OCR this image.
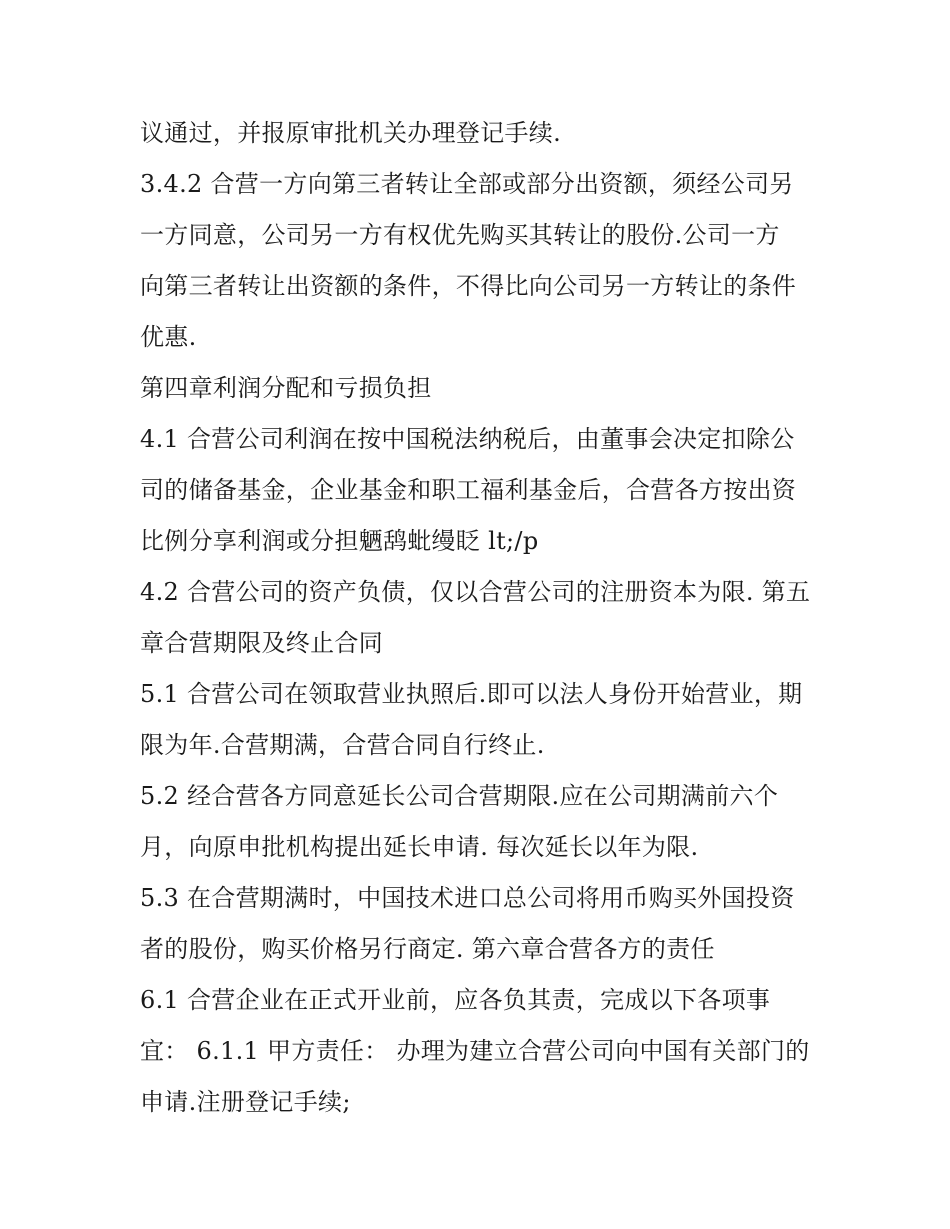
议通过，并报原审批机关办理登记手续.
3.4.2 合营一方向第三者转让全部或部分出资额，须经公司另
一方同意，公司另一方有权优先购买其转让的股份.公司一方
向第三者转让出资额的条件，不得比向公司另一方转让的条件
优惠.
第四章利润分配和亏损负担
4.1 合营公司利润在按中国税法纳税后，由董事会决定扣除公
司的储备基金，企业基金和职工福利基金后，合营各方按出资
比例分享利润或分担魉鸹蚍缦眨 lt;/p
4.2 合营公司的资产负债，仅以合营公司的注册资本为限. 第五
章合营期限及终止合同
5.1 合营公司在领取营业执照后.即可以法人身份开始营业，期
限为年.合营期满，合营合同自行终止.
5.2 经合营各方同意延长公司合营期限.应在公司期满前六个
月，向原申批机构提出延长申请. 每次延长以年为限.
5.3 在合营期满时，中国技术进口总公司将用币购买外国投资
者的股份，购买价格另行商定. 第六章合营各方的责任
6.1 合营企业在正式开业前，应各负其责，完成以下各项事
宜： 6.1.1 甲方责任： 办理为建立合营公司向中国有关部门的
申请.注册登记手续;
